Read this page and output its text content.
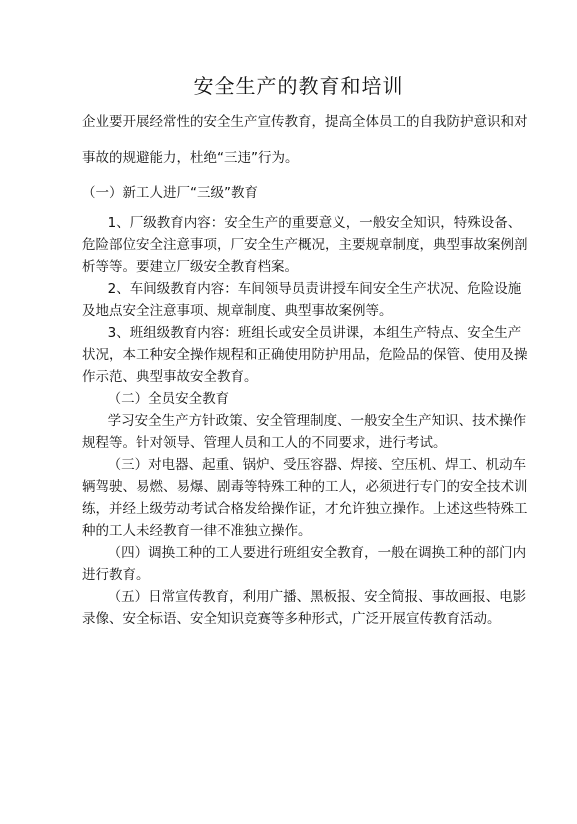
安全生产的教育和培训

企业要开展经常性的安全生产宣传教育，提高全体员工的自我防护意识和对事故的规避能力，杜绝“三违”行为。

（一）新工人进厂“三级”教育

1、厂级教育内容：安全生产的重要意义，一般安全知识，特殊设备、危险部位安全注意事项，厂安全生产概况，主要规章制度，典型事故案例剖析等等。要建立厂级安全教育档案。

2、车间级教育内容：车间领导员责讲授车间安全生产状况、危险设施及地点安全注意事项、规章制度、典型事故案例等。

3、班组级教育内容：班组长或安全员讲课，本组生产特点、安全生产状况，本工种安全操作规程和正确使用防护用品，危险品的保管、使用及操作示范、典型事故安全教育。

（二）全员安全教育

学习安全生产方针政策、安全管理制度、一般安全生产知识、技术操作规程等。针对领导、管理人员和工人的不同要求，进行考试。

（三）对电器、起重、锅炉、受压容器、焊接、空压机、焊工、机动车辆驾驶、易燃、易爆、剧毒等特殊工种的工人，必须进行专门的安全技术训练，并经上级劳动考试合格发给操作证，才允许独立操作。上述这些特殊工种的工人未经教育一律不准独立操作。

（四）调换工种的工人要进行班组安全教育，一般在调换工种的部门内进行教育。

（五）日常宣传教育，利用广播、黑板报、安全简报、事故画报、电影录像、安全标语、安全知识竞赛等多种形式，广泛开展宣传教育活动。
